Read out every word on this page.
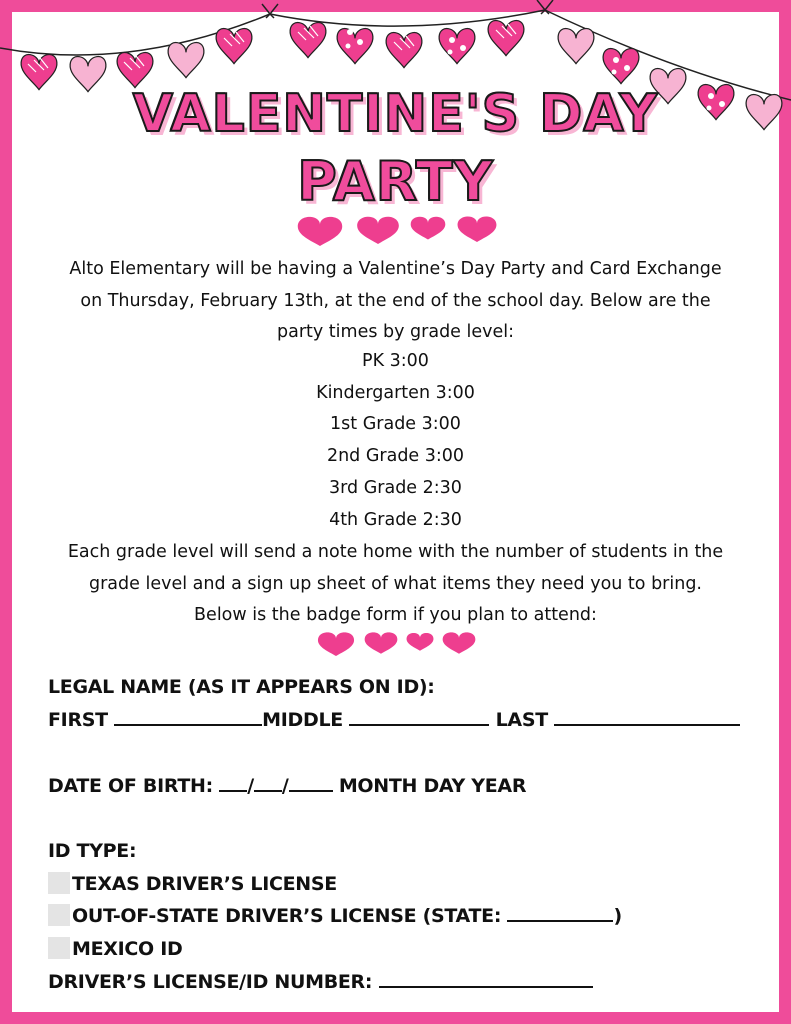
VALENTINE'S DAY
PARTY
Alto Elementary will be having a Valentine’s Day Party and Card Exchange
on Thursday, February 13th, at the end of the school day. Below are the
party times by grade level:
PK 3:00
Kindergarten 3:00
1st Grade 3:00
2nd Grade 3:00
3rd Grade 2:30
4th Grade 2:30
Each grade level will send a note home with the number of students in the
grade level and a sign up sheet of what items they need you to bring.
Below is the badge form if you plan to attend:
LEGAL NAME (AS IT APPEARS ON ID):
FIRST	MIDDLE	LAST
DATE OF BIRTH: / /	MONTH DAY YEAR
ID TYPE:
TEXAS DRIVER’S LICENSE
OUT-OF-STATE DRIVER’S LICENSE (STATE:	)
MEXICO ID
DRIVER’S LICENSE/ID NUMBER:
